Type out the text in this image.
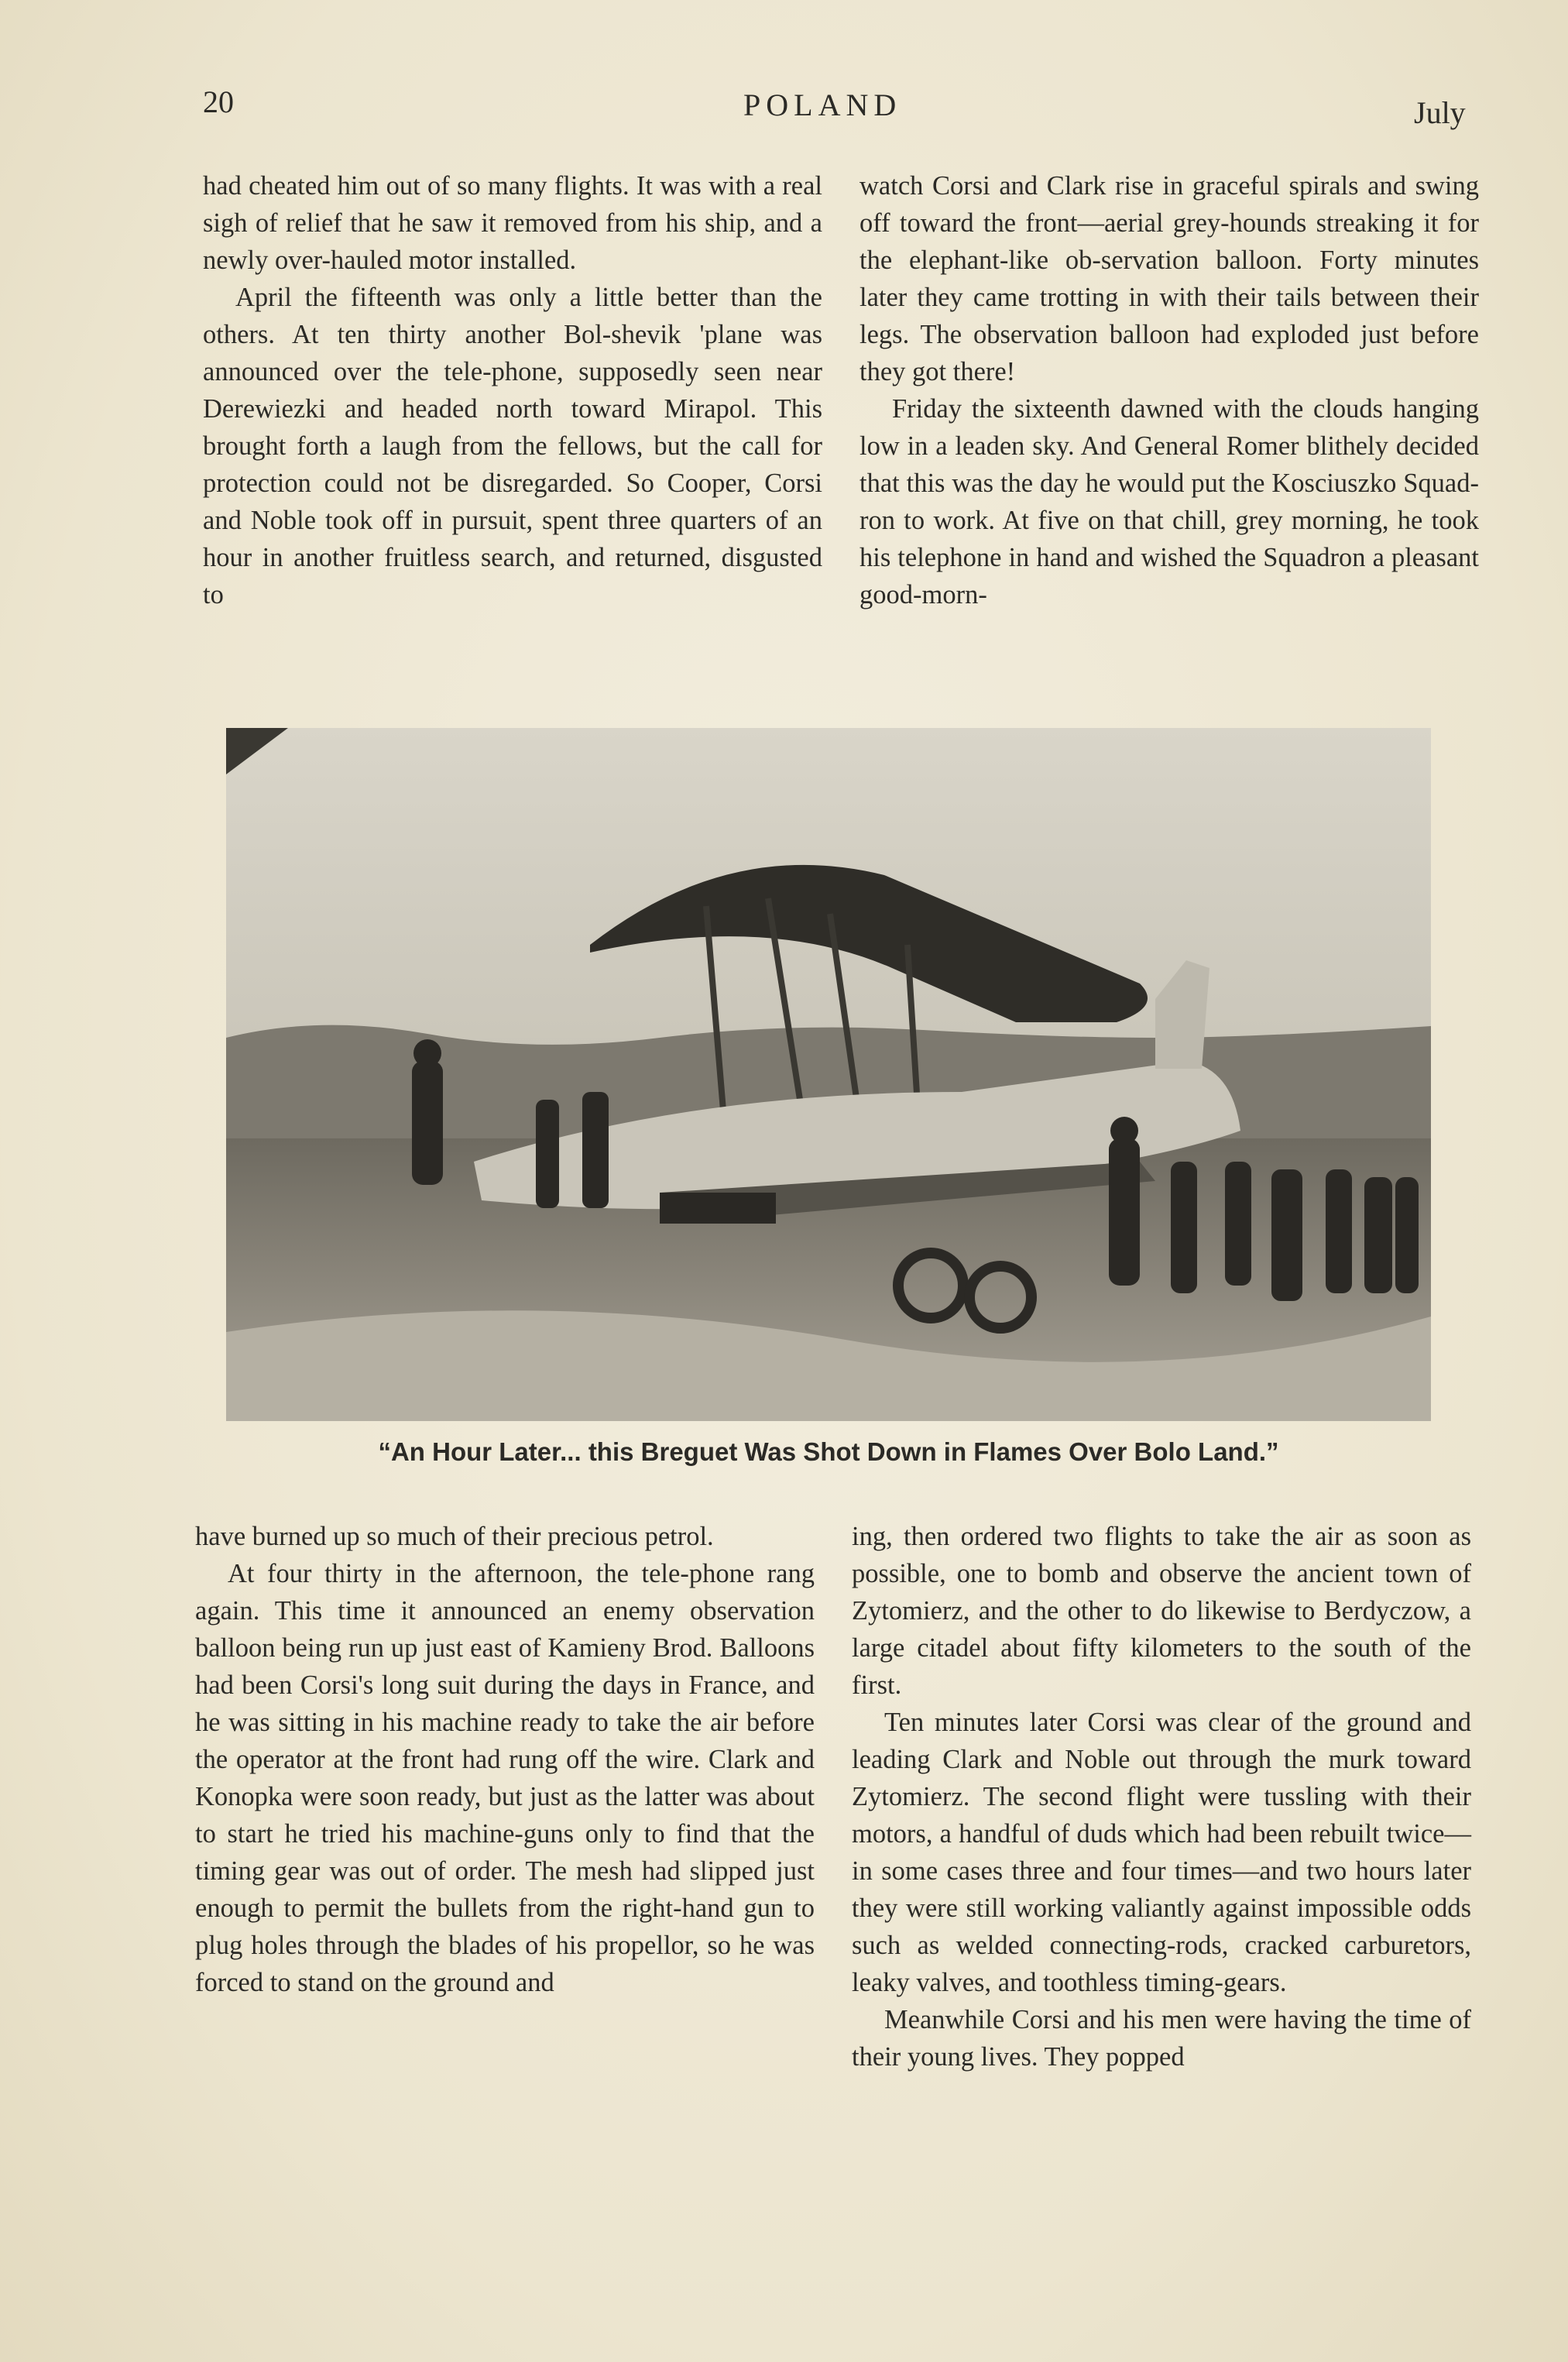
20	POLAND	July

had cheated him out of so many flights. It was with a real sigh of relief that he saw it removed from his ship, and a newly over-hauled motor installed.

April the fifteenth was only a little better than the others. At ten thirty another Bol-shevik 'plane was announced over the tele-phone, supposedly seen near Derewiezki and headed north toward Mirapol. This brought forth a laugh from the fellows, but the call for protection could not be disregarded. So Cooper, Corsi and Noble took off in pursuit, spent three quarters of an hour in another fruitless search, and returned, disgusted to

watch Corsi and Clark rise in graceful spirals and swing off toward the front—aerial grey-hounds streaking it for the elephant-like ob-servation balloon. Forty minutes later they came trotting in with their tails between their legs. The observation balloon had exploded just before they got there!

Friday the sixteenth dawned with the clouds hanging low in a leaden sky. And General Romer blithely decided that this was the day he would put the Kosciuszko Squad-ron to work. At five on that chill, grey morning, he took his telephone in hand and wished the Squadron a pleasant good-morn-

“An Hour Later... this Breguet Was Shot Down in Flames Over Bolo Land.”

have burned up so much of their precious petrol.

At four thirty in the afternoon, the tele-phone rang again. This time it announced an enemy observation balloon being run up just east of Kamieny Brod. Balloons had been Corsi's long suit during the days in France, and he was sitting in his machine ready to take the air before the operator at the front had rung off the wire. Clark and Konopka were soon ready, but just as the latter was about to start he tried his machine-guns only to find that the timing gear was out of order. The mesh had slipped just enough to permit the bullets from the right-hand gun to plug holes through the blades of his propellor, so he was forced to stand on the ground and

ing, then ordered two flights to take the air as soon as possible, one to bomb and observe the ancient town of Zytomierz, and the other to do likewise to Berdyczow, a large citadel about fifty kilometers to the south of the first.

Ten minutes later Corsi was clear of the ground and leading Clark and Noble out through the murk toward Zytomierz. The second flight were tussling with their motors, a handful of duds which had been rebuilt twice—in some cases three and four times—and two hours later they were still working valiantly against impossible odds such as welded connecting-rods, cracked carburetors, leaky valves, and toothless timing-gears.

Meanwhile Corsi and his men were having the time of their young lives. They popped
